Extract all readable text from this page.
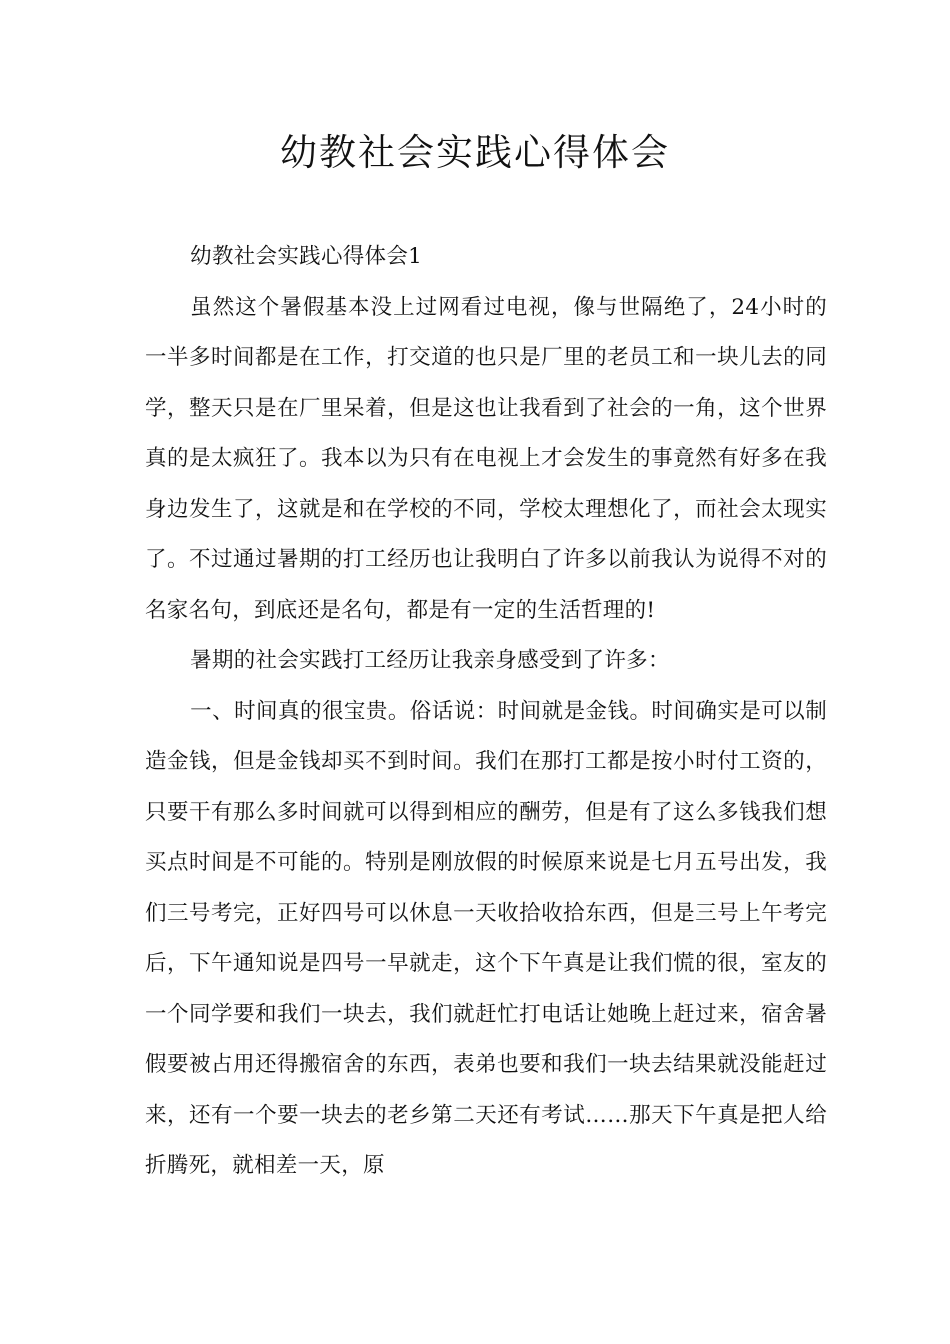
幼教社会实践心得体会

幼教社会实践心得体会1

虽然这个暑假基本没上过网看过电视，像与世隔绝了，24小时的一半多时间都是在工作，打交道的也只是厂里的老员工和一块儿去的同学，整天只是在厂里呆着，但是这也让我看到了社会的一角，这个世界真的是太疯狂了。我本以为只有在电视上才会发生的事竟然有好多在我身边发生了，这就是和在学校的不同，学校太理想化了，而社会太现实了。不过通过暑期的打工经历也让我明白了许多以前我认为说得不对的名家名句，到底还是名句，都是有一定的生活哲理的!

暑期的社会实践打工经历让我亲身感受到了许多：

一、时间真的很宝贵。俗话说：时间就是金钱。时间确实是可以制造金钱，但是金钱却买不到时间。我们在那打工都是按小时付工资的，只要干有那么多时间就可以得到相应的酬劳，但是有了这么多钱我们想买点时间是不可能的。特别是刚放假的时候原来说是七月五号出发，我们三号考完，正好四号可以休息一天收拾收拾东西，但是三号上午考完后，下午通知说是四号一早就走，这个下午真是让我们慌的很，室友的一个同学要和我们一块去，我们就赶忙打电话让她晚上赶过来，宿舍暑假要被占用还得搬宿舍的东西，表弟也要和我们一块去结果就没能赶过来，还有一个要一块去的老乡第二天还有考试……那天下午真是把人给折腾死，就相差一天，原
